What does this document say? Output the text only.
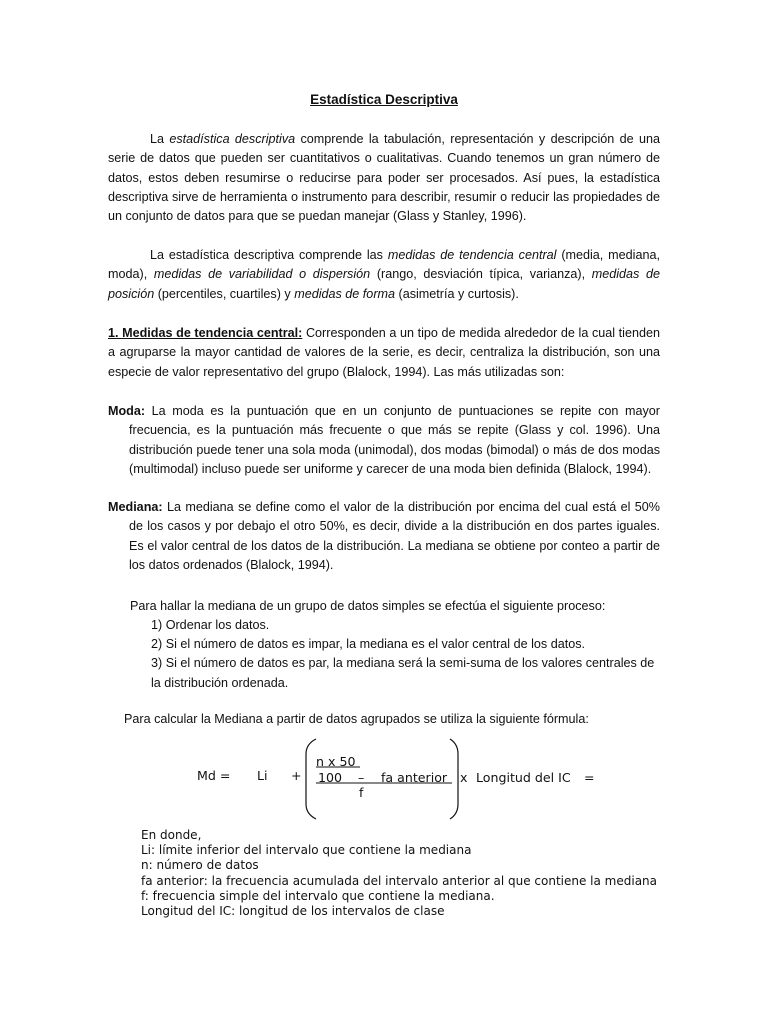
Estadística Descriptiva
La estadística descriptiva comprende la tabulación, representación y descripción de una serie de datos que pueden ser cuantitativos o cualitativas. Cuando tenemos un gran número de datos, estos deben resumirse o reducirse para poder ser procesados. Así pues, la estadística descriptiva sirve de herramienta o instrumento para describir, resumir o reducir las propiedades de un conjunto de datos para que se puedan manejar (Glass y Stanley, 1996).
La estadística descriptiva comprende las medidas de tendencia central (media, mediana, moda), medidas de variabilidad o dispersión (rango, desviación típica, varianza), medidas de posición (percentiles, cuartiles) y medidas de forma (asimetría y curtosis).
1. Medidas de tendencia central: Corresponden a un tipo de medida alrededor de la cual tienden a agruparse la mayor cantidad de valores de la serie, es decir, centraliza la distribución, son una especie de valor representativo del grupo (Blalock, 1994). Las más utilizadas son:
Moda: La moda es la puntuación que en un conjunto de puntuaciones se repite con mayor frecuencia, es la puntuación más frecuente o que más se repite (Glass y col. 1996). Una distribución puede tener una sola moda (unimodal), dos modas (bimodal) o más de dos modas (multimodal) incluso puede ser uniforme y carecer de una moda bien definida (Blalock, 1994).
Mediana: La mediana se define como el valor de la distribución por encima del cual está el 50% de los casos y por debajo el otro 50%, es decir, divide a la distribución en dos partes iguales. Es el valor central de los datos de la distribución. La mediana se obtiene por conteo a partir de los datos ordenados (Blalock, 1994).
Para hallar la mediana de un grupo de datos simples se efectúa el siguiente proceso:
1) Ordenar los datos.
2) Si el número de datos es impar, la mediana es el valor central de los datos.
3) Si el número de datos es par, la mediana será la semi-suma de los valores centrales de
la distribución ordenada.
Para calcular la Mediana a partir de datos agrupados se utiliza la siguiente fórmula:
Md = Li +
n x 50
100 – fa anterior
f
x Longitud del IC =
En donde,
Li: límite inferior del intervalo que contiene la mediana
n: número de datos
fa anterior: la frecuencia acumulada del intervalo anterior al que contiene la mediana
f: frecuencia simple del intervalo que contiene la mediana.
Longitud del IC: longitud de los intervalos de clase
